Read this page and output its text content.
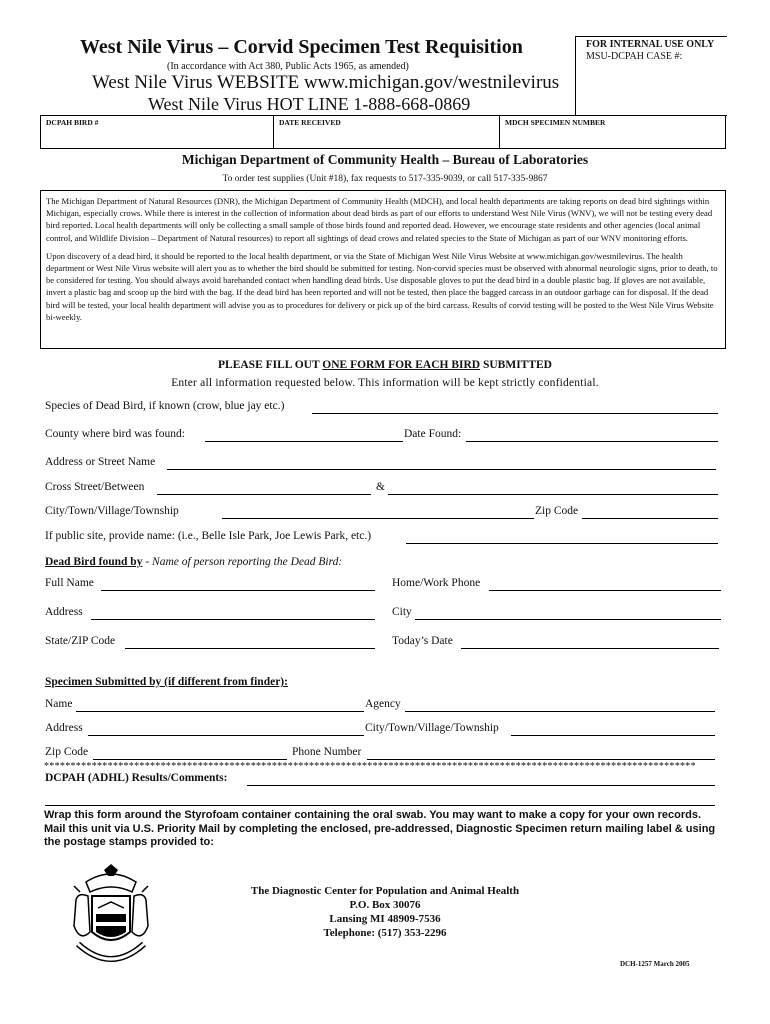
West Nile Virus – Corvid Specimen Test Requisition
(In accordance with Act 380, Public Acts 1965, as amended)
West Nile Virus WEBSITE www.michigan.gov/westnilevirus
West Nile Virus HOT LINE 1-888-668-0869
FOR INTERNAL USE ONLY
MSU-DCPAH CASE #:
DCPAH BIRD #	DATE RECEIVED	MDCH SPECIMEN NUMBER
Michigan Department of Community Health – Bureau of Laboratories
To order test supplies (Unit #18), fax requests to 517-335-9039, or call 517-335-9867

The Michigan Department of Natural Resources (DNR), the Michigan Department of Community Health (MDCH), and local health departments are taking reports on dead bird sightings within Michigan, especially crows. While there is interest in the collection of information about dead birds as part of our efforts to understand West Nile Virus (WNV), we will not be testing every dead bird reported. Local health departments will only be collecting a small sample of those birds found and reported dead. However, we encourage state residents and other agencies (local animal control, and Wildlife Division – Department of Natural resources) to report all sightings of dead crows and related species to the State of Michigan as part of our WNV monitoring efforts.

Upon discovery of a dead bird, it should be reported to the local health department, or via the State of Michigan West Nile Virus Website at www.michigan.gov/westnilevirus. The health department or West Nile Virus website will alert you as to whether the bird should be submitted for testing. Non-corvid species must be observed with abnormal neurologic signs, prior to death, to be considered for testing. You should always avoid barehanded contact when handling dead birds. Use disposable gloves to put the dead bird in a double plastic bag. If gloves are not available, invert a plastic bag and scoop up the bird with the bag. If the dead bird has been reported and will not be tested, then place the bagged carcass in an outdoor garbage can for disposal. If the dead bird will be tested, your local health department will advise you as to procedures for delivery or pick up of the bird carcass. Results of corvid testing will be posted to the West Nile Virus Website bi-weekly.

PLEASE FILL OUT ONE FORM FOR EACH BIRD SUBMITTED
Enter all information requested below. This information will be kept strictly confidential.
Species of Dead Bird, if known (crow, blue jay etc.)
County where bird was found:	Date Found:
Address or Street Name
Cross Street/Between	&
City/Town/Village/Township	Zip Code
If public site, provide name: (i.e., Belle Isle Park, Joe Lewis Park, etc.)
Dead Bird found by - Name of person reporting the Dead Bird:
Full Name	Home/Work Phone
Address	City
State/ZIP Code	Today’s Date
Specimen Submitted by (if different from finder):
Name	Agency
Address	City/Town/Village/Township
Zip Code	Phone Number
***************************************************************************************************************************
DCPAH (ADHL) Results/Comments:
Wrap this form around the Styrofoam container containing the oral swab. You may want to make a copy for your own records. Mail this unit via U.S. Priority Mail by completing the enclosed, pre-addressed, Diagnostic Specimen return mailing label & using the postage stamps provided to:
The Diagnostic Center for Population and Animal Health
P.O. Box 30076
Lansing MI 48909-7536
Telephone: (517) 353-2296
DCH-1257 March 2005
